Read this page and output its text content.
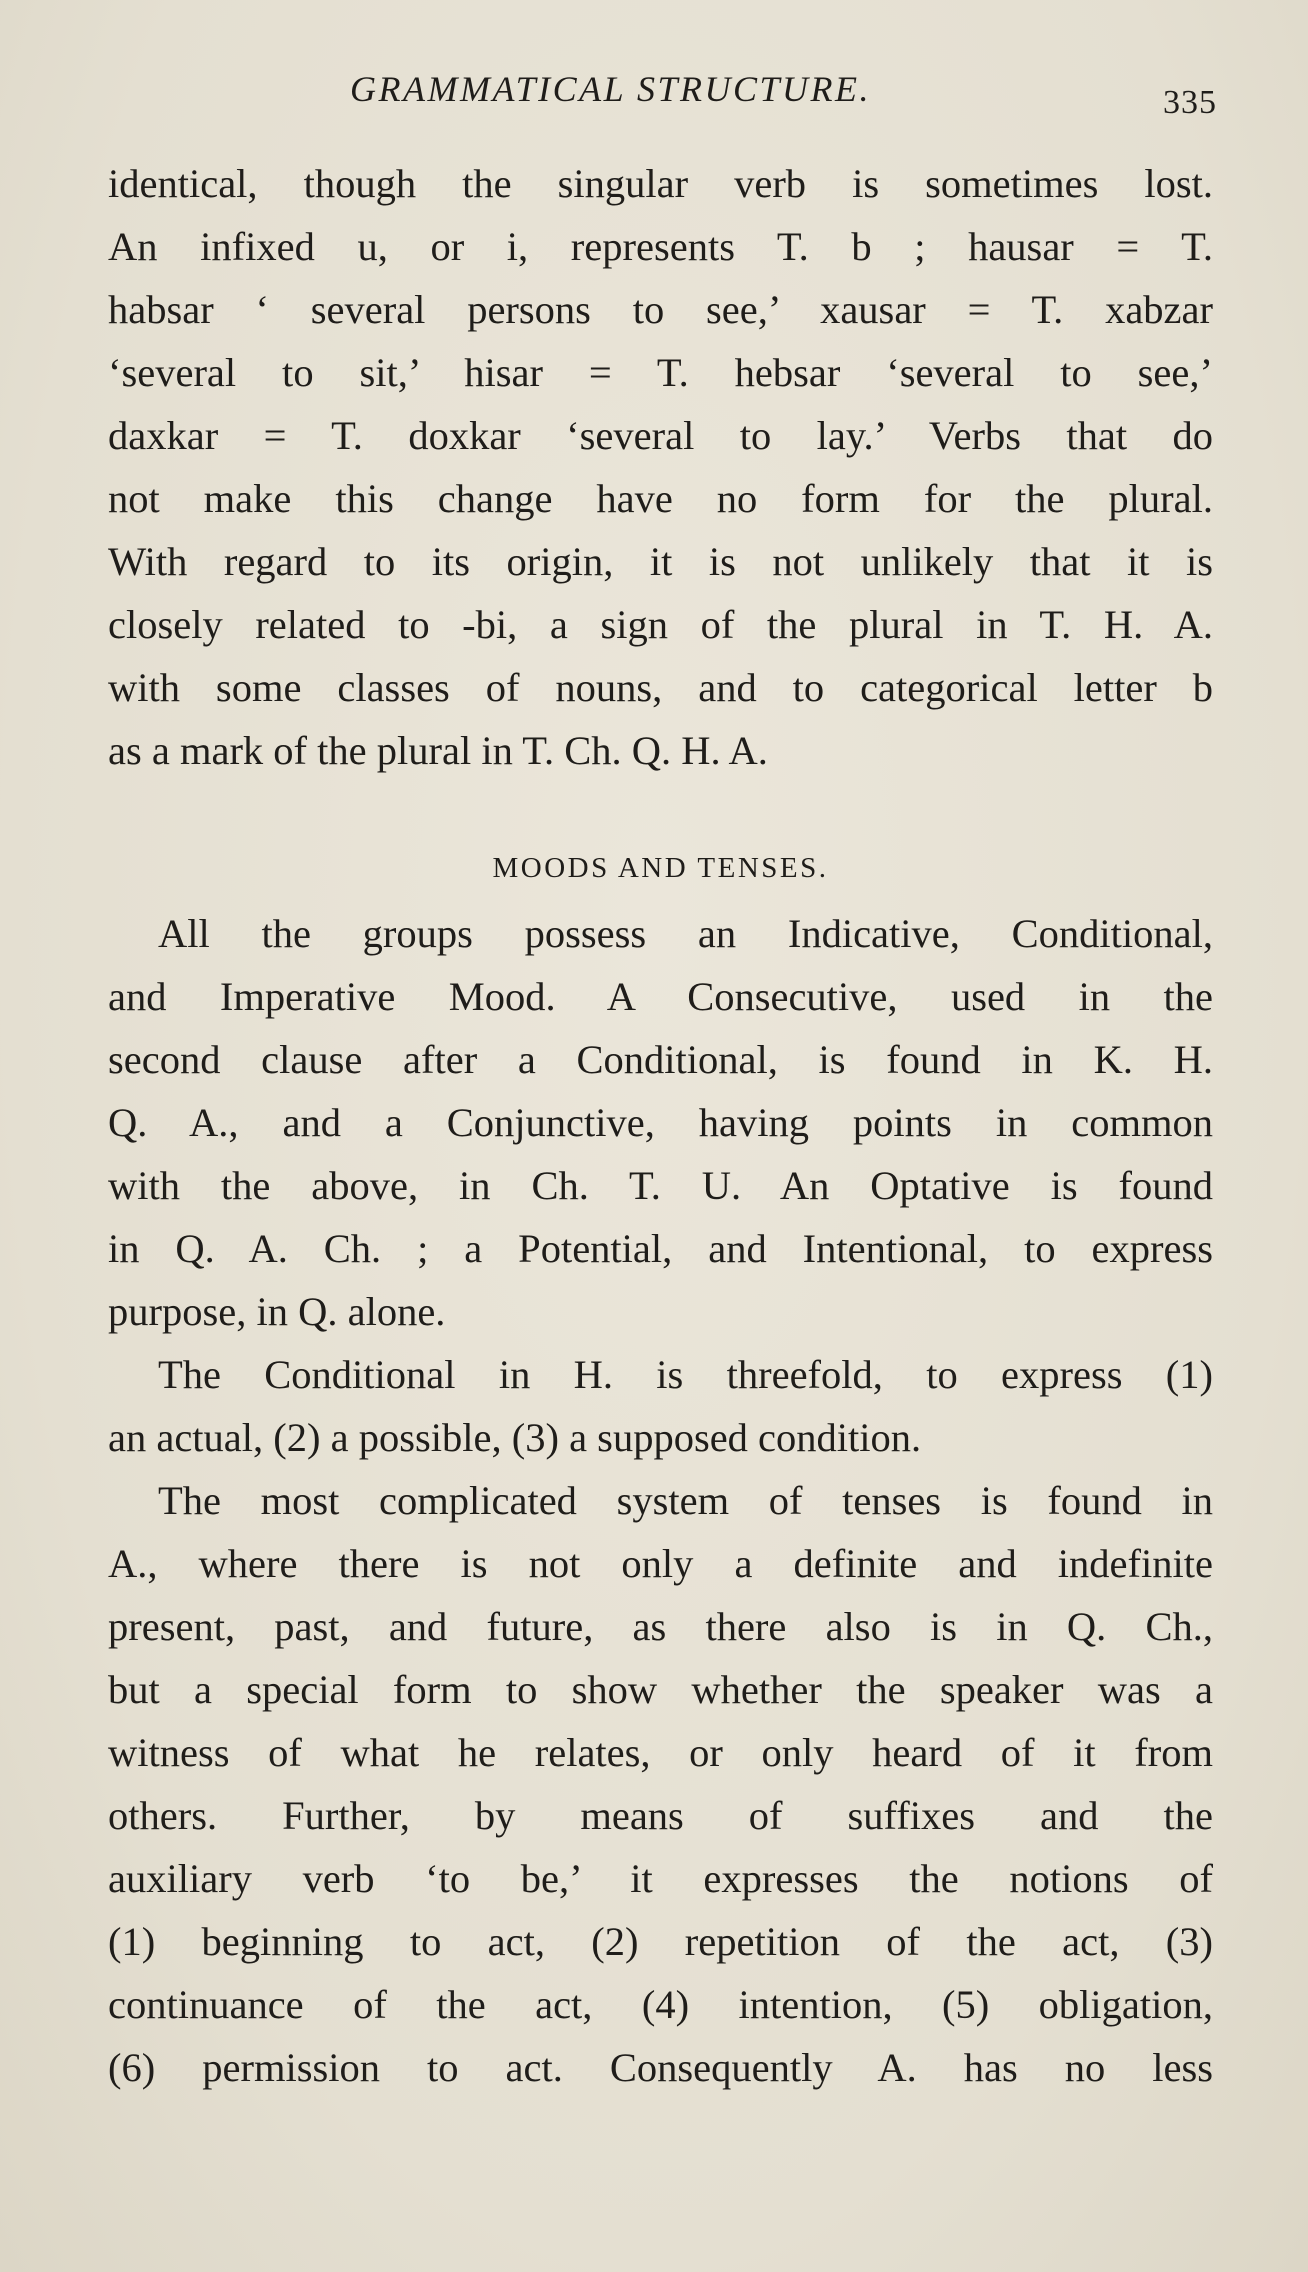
GRAMMATICAL STRUCTURE.	335
identical, though the singular verb is sometimes lost.
An infixed u, or i, represents T. b ; hausar = T.
habsar ‘ several persons to see,’ xausar = T. xabzar
‘several to sit,’ hisar = T. hebsar ‘several to see,’
daxkar = T. doxkar ‘several to lay.’ Verbs that do
not make this change have no form for the plural.
With regard to its origin, it is not unlikely that it is
closely related to -bi, a sign of the plural in T. H. A.
with some classes of nouns, and to categorical letter b
as a mark of the plural in T. Ch. Q. H. A.
MOODS AND TENSES.
All the groups possess an Indicative, Conditional,
and Imperative Mood. A Consecutive, used in the
second clause after a Conditional, is found in K. H.
Q. A., and a Conjunctive, having points in common
with the above, in Ch. T. U. An Optative is found
in Q. A. Ch. ; a Potential, and Intentional, to express
purpose, in Q. alone.
The Conditional in H. is threefold, to express (1)
an actual, (2) a possible, (3) a supposed condition.
The most complicated system of tenses is found in
A., where there is not only a definite and indefinite
present, past, and future, as there also is in Q. Ch.,
but a special form to show whether the speaker was a
witness of what he relates, or only heard of it from
others. Further, by means of suffixes and the
auxiliary verb ‘to be,’ it expresses the notions of
(1) beginning to act, (2) repetition of the act, (3)
continuance of the act, (4) intention, (5) obligation,
(6) permission to act. Consequently A. has no less
